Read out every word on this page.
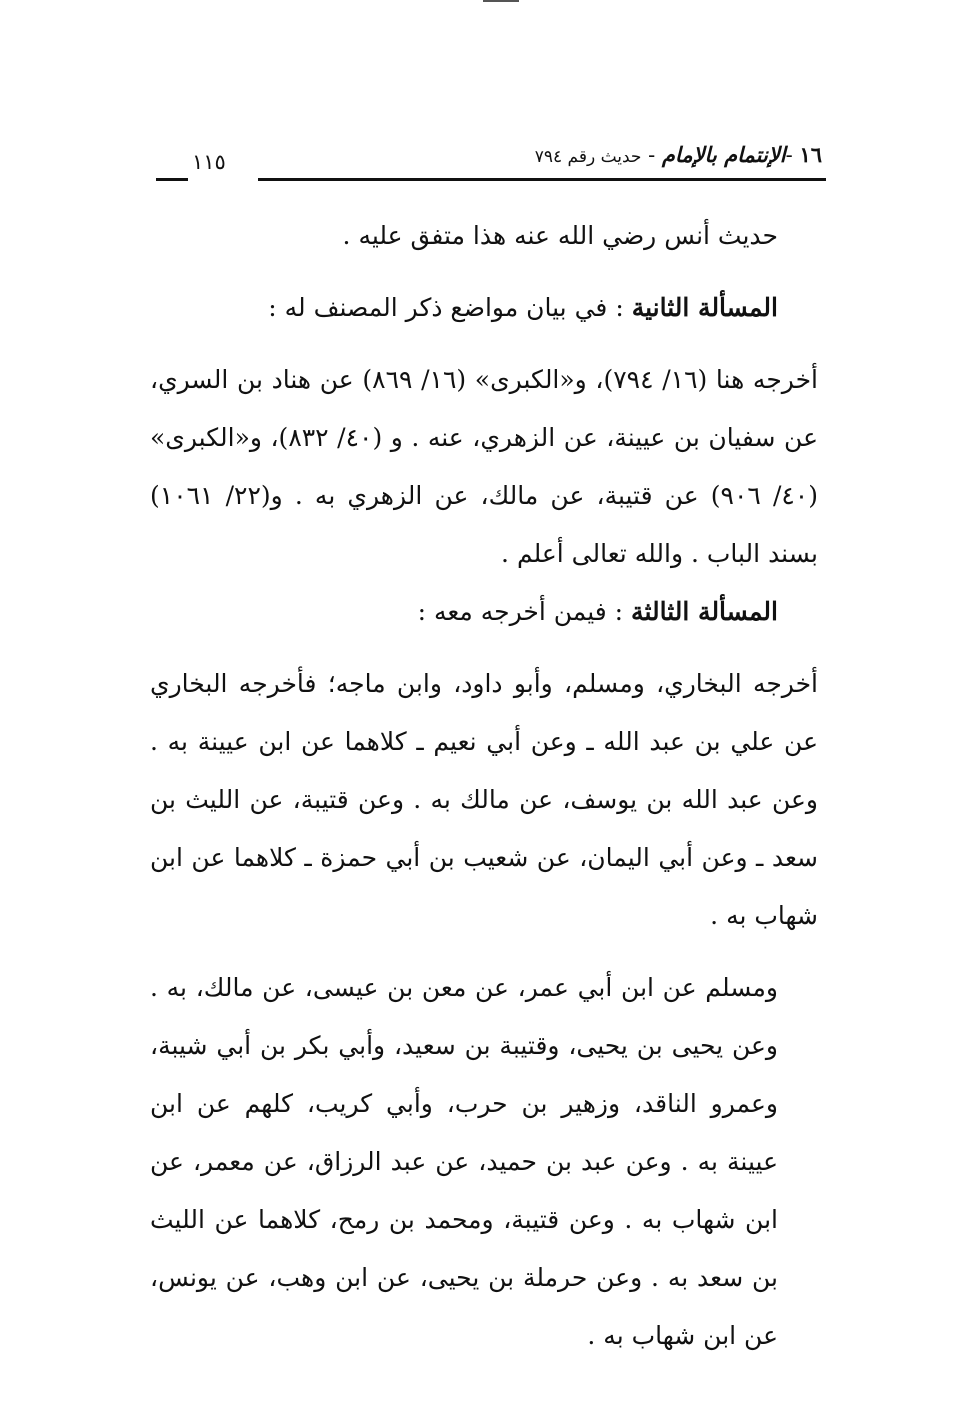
١٦ -الإنتمام بالإمام - حديث رقم ٧٩٤
١١٥

حديث أنس رضي الله عنه هذا متفق عليه .

المسألة الثانية : في بيان مواضع ذكر المصنف له :

أخرجه هنا (١٦/ ٧٩٤)، و«الكبرى» (١٦/ ٨٦٩) عن هناد بن السري، عن سفيان بن عيينة، عن الزهري، عنه . و (٤٠/ ٨٣٢)، و«الكبرى» (٤٠/ ٩٠٦) عن قتيبة، عن مالك، عن الزهري به . و(٢٢/ ١٠٦١) بسند الباب . والله تعالى أعلم .

المسألة الثالثة : فيمن أخرجه معه :

أخرجه البخاري، ومسلم، وأبو داود، وابن ماجه؛ فأخرجه البخاري عن علي بن عبد الله ـ وعن أبي نعيم ـ كلاهما عن ابن عيينة به . وعن عبد الله بن يوسف، عن مالك به . وعن قتيبة، عن الليث بن سعد ـ وعن أبي اليمان، عن شعيب بن أبي حمزة ـ كلاهما عن ابن شهاب به .

ومسلم عن ابن أبي عمر، عن معن بن عيسى، عن مالك، به . وعن يحيى بن يحيى، وقتيبة بن سعيد، وأبي بكر بن أبي شيبة، وعمرو الناقد، وزهير بن حرب، وأبي كريب، كلهم عن ابن عيينة به . وعن عبد بن حميد، عن عبد الرزاق، عن معمر، عن ابن شهاب به . وعن قتيبة، ومحمد بن رمح، كلاهما عن الليث بن سعد به . وعن حرملة بن يحيى، عن ابن وهب، عن يونس، عن ابن شهاب به .
